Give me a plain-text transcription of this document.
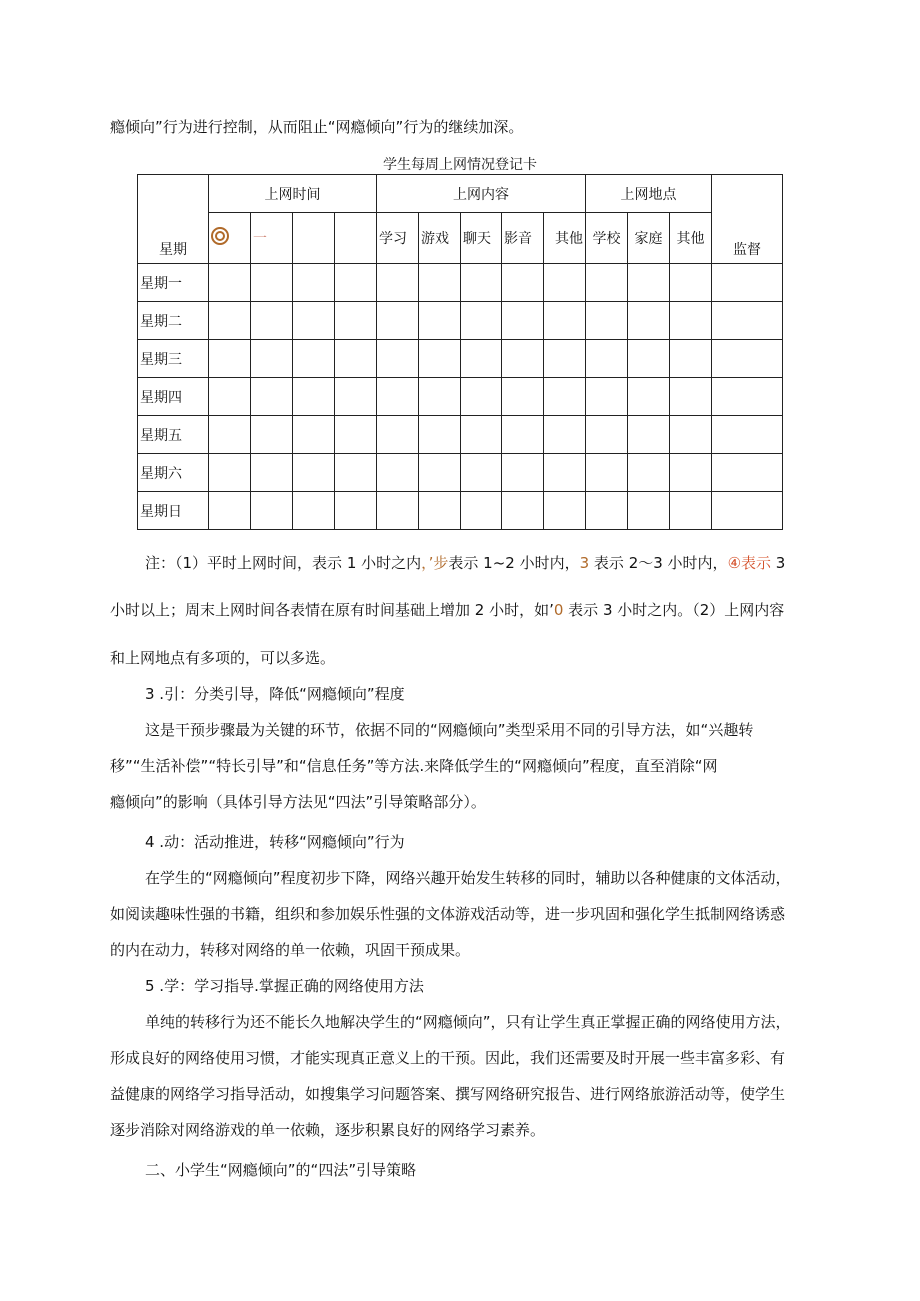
瘾倾向”行为进行控制，从而阻止“网瘾倾向”行为的继续加深。
学生每周上网情况登记卡
星期	上网时间				上网内容					上网地点			监督
		一			学习	游戏	聊天	影音	其他	学校	家庭	其他	
星期一													
星期二													
星期三													
星期四													
星期五													
星期六													
星期日													
注：（1）平时上网时间，表示 1 小时之内，’步表示 1~2 小时内，3 表示 2〜3 小时内，④表示 3
小时以上；周末上网时间各表情在原有时间基础上增加 2 小时，如’0 表示 3 小时之内。（2）上网内容
和上网地点有多项的，可以多选。
3 .引：分类引导，降低“网瘾倾向”程度
这是干预步骤最为关键的环节，依据不同的“网瘾倾向”类型采用不同的引导方法，如“兴趣转
移”“生活补偿”“特长引导”和“信息任务”等方法.来降低学生的“网瘾倾向”程度，直至消除“网
瘾倾向”的影响（具体引导方法见“四法”引导策略部分）。
4 .动：活动推进，转移“网瘾倾向”行为
在学生的“网瘾倾向”程度初步下降，网络兴趣开始发生转移的同时，辅助以各种健康的文体活动，
如阅读趣味性强的书籍，组织和参加娱乐性强的文体游戏活动等，进一步巩固和强化学生抵制网络诱惑
的内在动力，转移对网络的单一依赖，巩固干预成果。
5 .学：学习指导.掌握正确的网络使用方法
单纯的转移行为还不能长久地解决学生的“网瘾倾向”，只有让学生真正掌握正确的网络使用方法，
形成良好的网络使用习惯，才能实现真正意义上的干预。因此，我们还需要及时开展一些丰富多彩、有
益健康的网络学习指导活动，如搜集学习问题答案、撰写网络研究报告、进行网络旅游活动等，使学生
逐步消除对网络游戏的单一依赖，逐步积累良好的网络学习素养。
二、小学生“网瘾倾向”的“四法”引导策略
